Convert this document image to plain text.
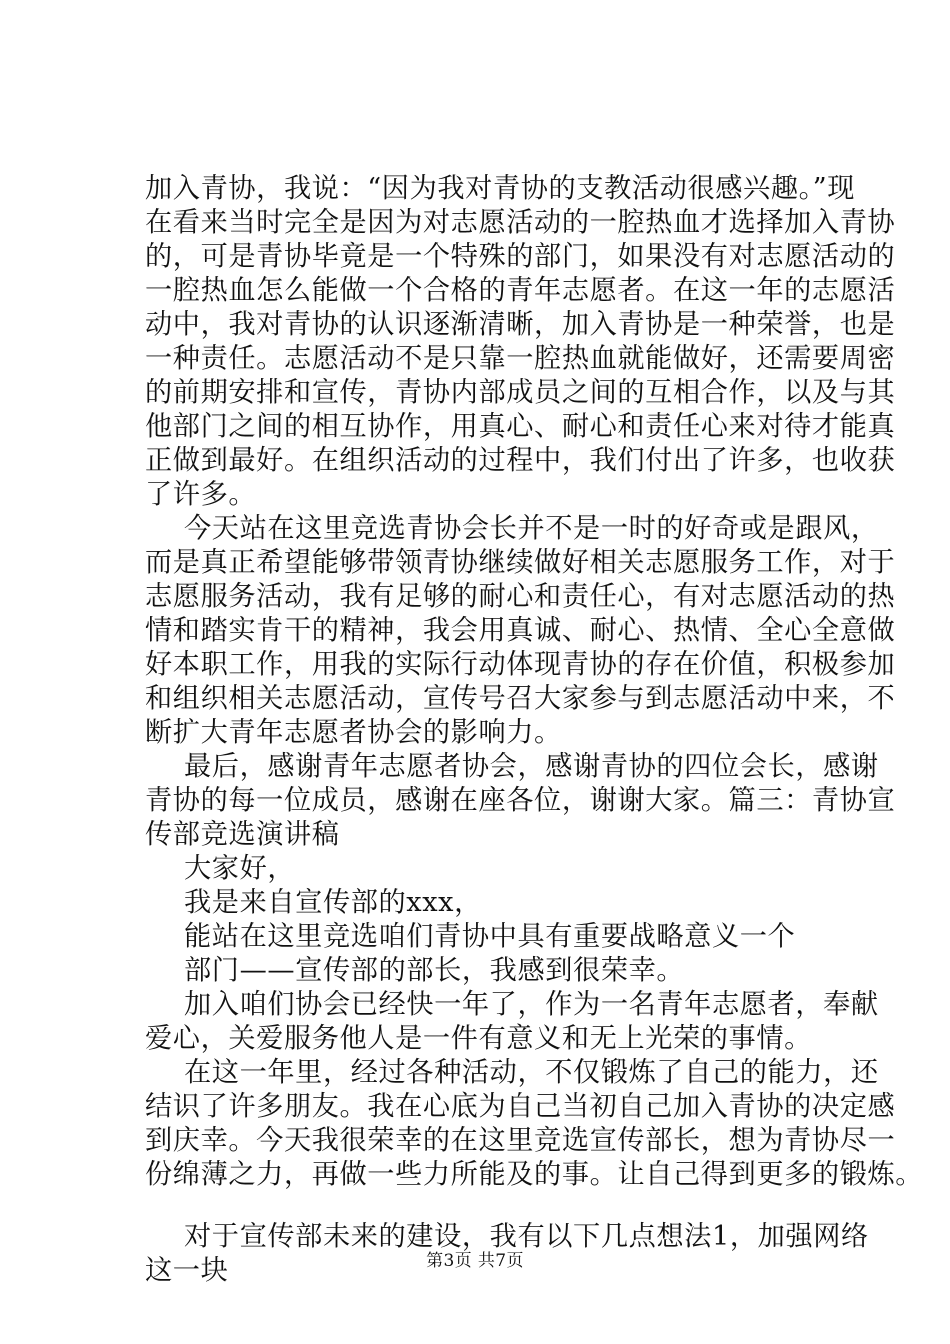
加入青协，我说：“因为我对青协的支教活动很感兴趣。”现
在看来当时完全是因为对志愿活动的一腔热血才选择加入青协
的，可是青协毕竟是一个特殊的部门，如果没有对志愿活动的
一腔热血怎么能做一个合格的青年志愿者。在这一年的志愿活
动中，我对青协的认识逐渐清晰，加入青协是一种荣誉，也是
一种责任。志愿活动不是只靠一腔热血就能做好，还需要周密
的前期安排和宣传，青协内部成员之间的互相合作，以及与其
他部门之间的相互协作，用真心、耐心和责任心来对待才能真
正做到最好。在组织活动的过程中，我们付出了许多，也收获
了许多。
今天站在这里竞选青协会长并不是一时的好奇或是跟风，
而是真正希望能够带领青协继续做好相关志愿服务工作，对于
志愿服务活动，我有足够的耐心和责任心，有对志愿活动的热
情和踏实肯干的精神，我会用真诚、耐心、热情、全心全意做
好本职工作，用我的实际行动体现青协的存在价值，积极参加
和组织相关志愿活动，宣传号召大家参与到志愿活动中来，不
断扩大青年志愿者协会的影响力。
最后，感谢青年志愿者协会，感谢青协的四位会长，感谢
青协的每一位成员，感谢在座各位，谢谢大家。篇三：青协宣
传部竞选演讲稿
大家好，
我是来自宣传部的xxx，
能站在这里竞选咱们青协中具有重要战略意义一个
部门——宣传部的部长，我感到很荣幸。
加入咱们协会已经快一年了，作为一名青年志愿者，奉献
爱心，关爱服务他人是一件有意义和无上光荣的事情。
在这一年里，经过各种活动，不仅锻炼了自己的能力，还
结识了许多朋友。我在心底为自己当初自己加入青协的决定感
到庆幸。今天我很荣幸的在这里竞选宣传部长，想为青协尽一
份绵薄之力，再做一些力所能及的事。让自己得到更多的锻炼。
对于宣传部未来的建设，我有以下几点想法1，加强网络
这一块	第3页 共7页
